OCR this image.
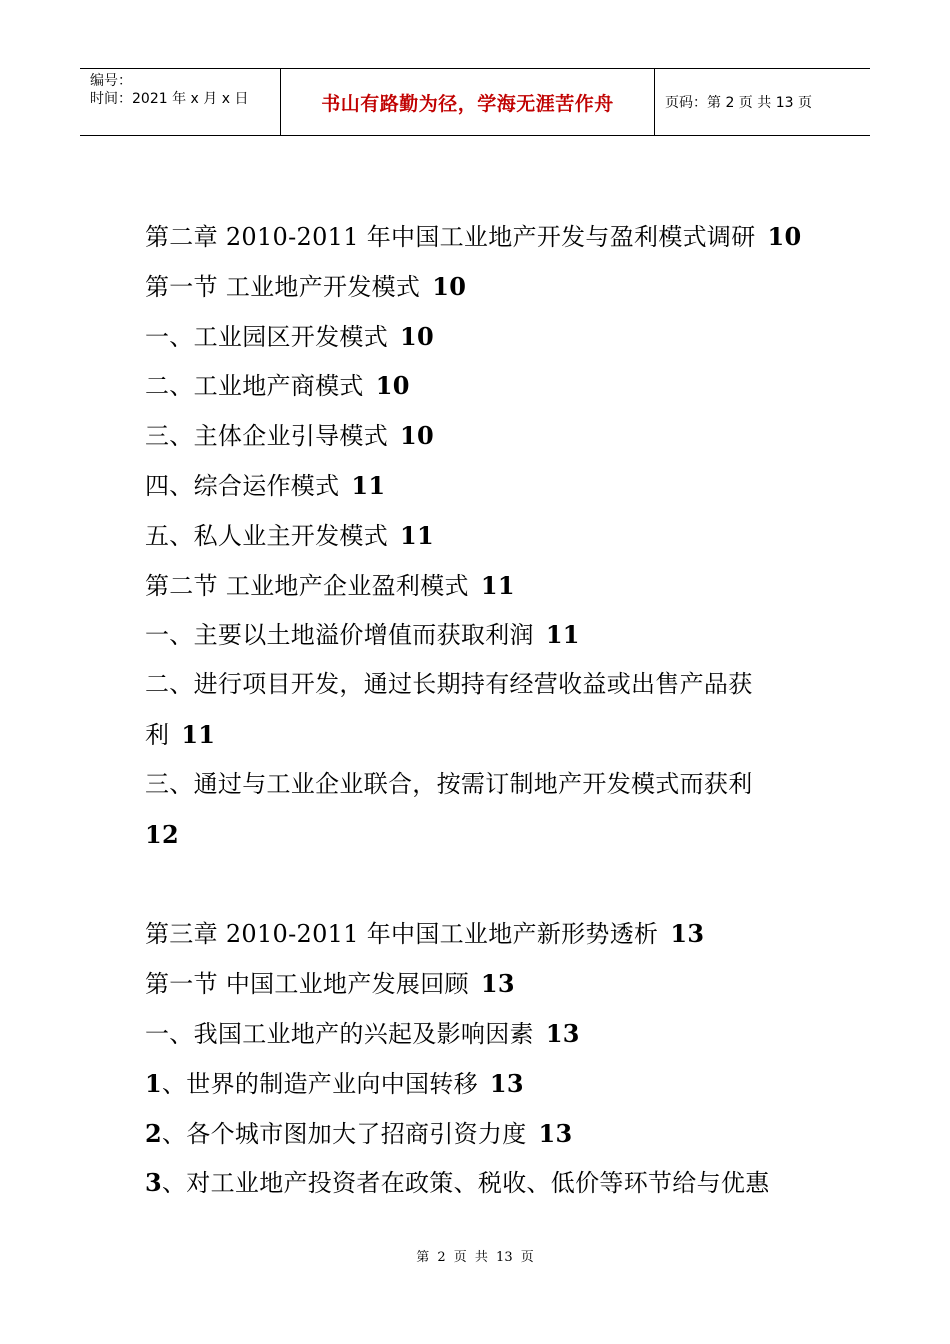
编号：
时间：2021 年 x 月 x 日	书山有路勤为径，学海无涯苦作舟	页码：第 2 页 共 13 页
第二章 2010-2011 年中国工业地产开发与盈利模式调研 10
第一节 工业地产开发模式 10
一、工业园区开发模式 10
二、工业地产商模式 10
三、主体企业引导模式 10
四、综合运作模式 11
五、私人业主开发模式 11
第二节 工业地产企业盈利模式 11
一、主要以土地溢价增值而获取利润 11
二、进行项目开发，通过长期持有经营收益或出售产品获
利 11
三、通过与工业企业联合，按需订制地产开发模式而获利
12
第三章 2010-2011 年中国工业地产新形势透析 13
第一节 中国工业地产发展回顾 13
一、我国工业地产的兴起及影响因素 13
1、世界的制造产业向中国转移 13
2、各个城市图加大了招商引资力度 13
3、对工业地产投资者在政策、税收、低价等环节给与优惠
第 2 页 共 13 页
